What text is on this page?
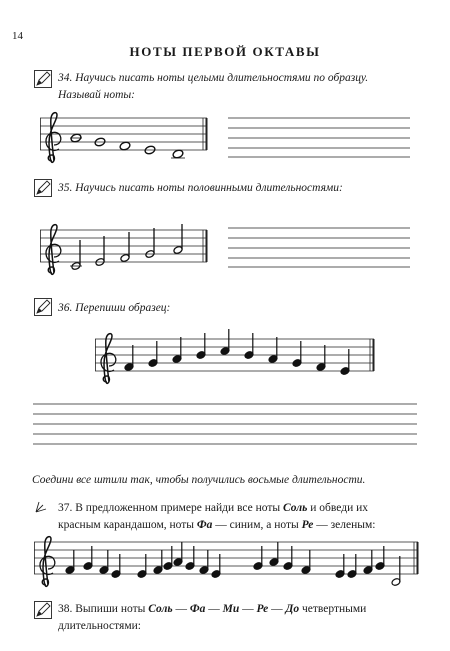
14
НОТЫ ПЕРВОЙ ОКТАВЫ
34. Научись писать ноты целыми длительностями по образцу. Называй ноты:
35. Научись писать ноты половинными длительностями:
36. Перепиши образец:
Соедини все штили так, чтобы получились восьмые длительности.
37. В предложенном примере найди все ноты Соль и обведи их красным карандашом, ноты Фа — синим, а ноты Ре — зеленым:
38. Выпиши ноты Соль — Фа — Ми — Ре — До четвертными длительностями:
